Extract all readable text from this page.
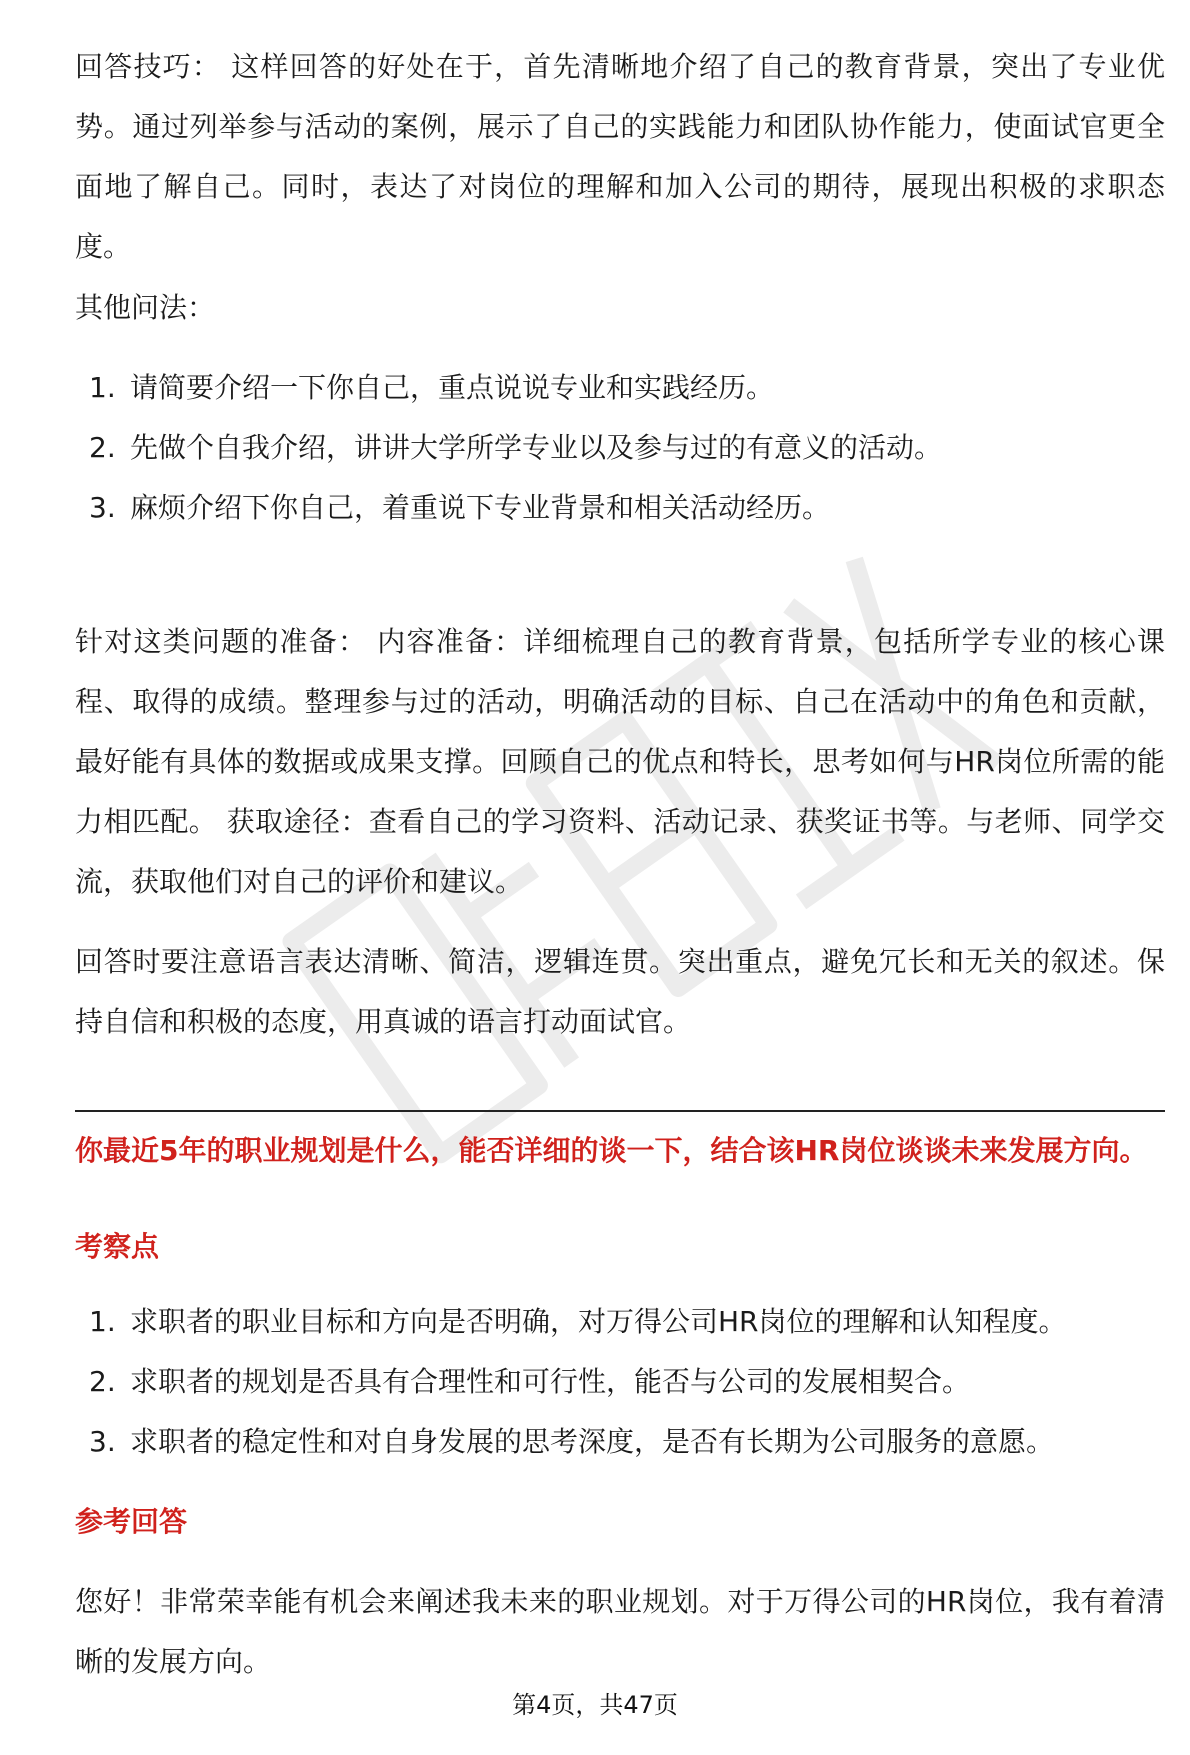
回答技巧： 这样回答的好处在于，首先清晰地介绍了自己的教育背景，突出了专业优势。通过列举参与活动的案例，展示了自己的实践能力和团队协作能力，使面试官更全面地了解自己。同时，表达了对岗位的理解和加入公司的期待，展现出积极的求职态度。

其他问法：

1. 请简要介绍一下你自己，重点说说专业和实践经历。
2. 先做个自我介绍，讲讲大学所学专业以及参与过的有意义的活动。
3. 麻烦介绍下你自己，着重说下专业背景和相关活动经历。

针对这类问题的准备： 内容准备：详细梳理自己的教育背景，包括所学专业的核心课程、取得的成绩。整理参与过的活动，明确活动的目标、自己在活动中的角色和贡献，最好能有具体的数据或成果支撑。回顾自己的优点和特长，思考如何与HR岗位所需的能力相匹配。 获取途径：查看自己的学习资料、活动记录、获奖证书等。与老师、同学交流，获取他们对自己的评价和建议。

回答时要注意语言表达清晰、简洁，逻辑连贯。突出重点，避免冗长和无关的叙述。保持自信和积极的态度，用真诚的语言打动面试官。

你最近5年的职业规划是什么，能否详细的谈一下，结合该HR岗位谈谈未来发展方向。

考察点

1. 求职者的职业目标和方向是否明确，对万得公司HR岗位的理解和认知程度。
2. 求职者的规划是否具有合理性和可行性，能否与公司的发展相契合。
3. 求职者的稳定性和对自身发展的思考深度，是否有长期为公司服务的意愿。

参考回答

您好！非常荣幸能有机会来阐述我未来的职业规划。对于万得公司的HR岗位，我有着清晰的发展方向。

第4页，共47页
